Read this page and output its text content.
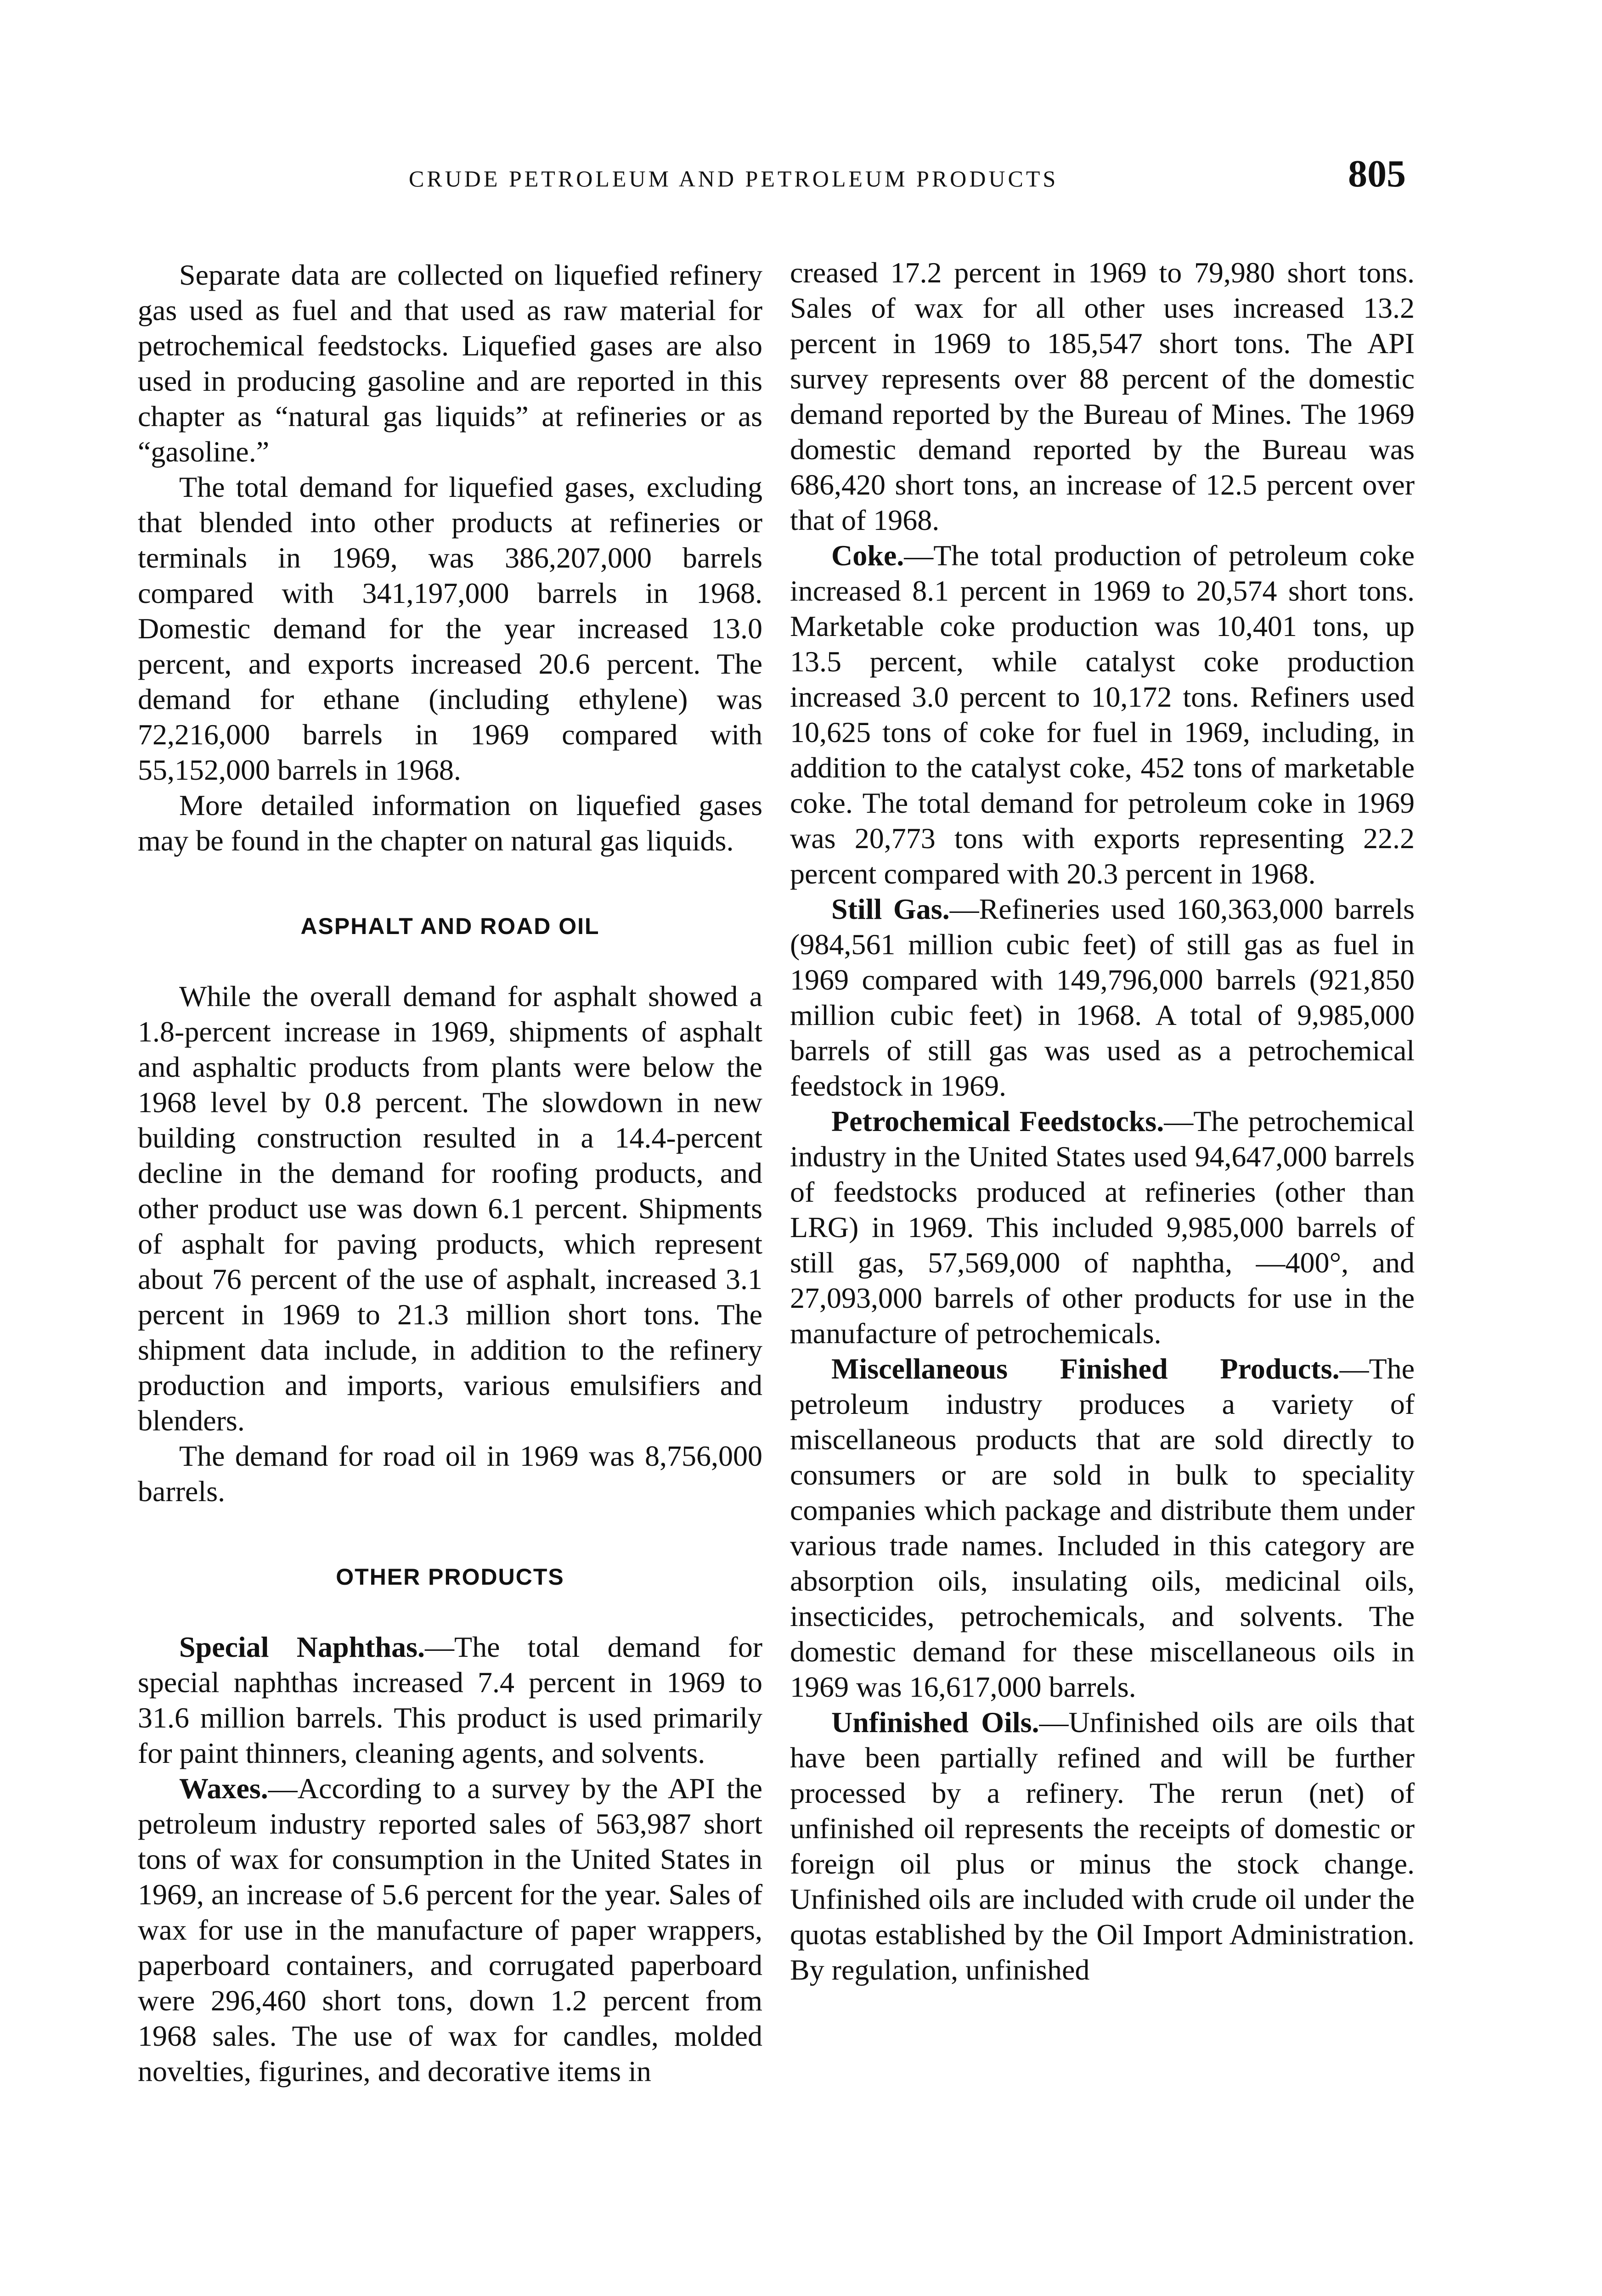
CRUDE PETROLEUM AND PETROLEUM PRODUCTS	805

Separate data are collected on liquefied refinery gas used as fuel and that used as raw material for petrochemical feedstocks. Liquefied gases are also used in producing gasoline and are reported in this chapter as “natural gas liquids” at refineries or as “gasoline.”

The total demand for liquefied gases, excluding that blended into other products at refineries or terminals in 1969, was 386,207,000 barrels compared with 341,197,000 barrels in 1968. Domestic demand for the year increased 13.0 percent, and exports increased 20.6 percent. The demand for ethane (including ethylene) was 72,216,000 barrels in 1969 compared with 55,152,000 barrels in 1968.

More detailed information on liquefied gases may be found in the chapter on natural gas liquids.

ASPHALT AND ROAD OIL

While the overall demand for asphalt showed a 1.8-percent increase in 1969, shipments of asphalt and asphaltic products from plants were below the 1968 level by 0.8 percent. The slowdown in new building construction resulted in a 14.4-percent decline in the demand for roofing products, and other product use was down 6.1 percent. Shipments of asphalt for paving products, which represent about 76 percent of the use of asphalt, increased 3.1 percent in 1969 to 21.3 million short tons. The shipment data include, in addition to the refinery production and imports, various emulsifiers and blenders.

The demand for road oil in 1969 was 8,756,000 barrels.

OTHER PRODUCTS

Special Naphthas.—The total demand for special naphthas increased 7.4 percent in 1969 to 31.6 million barrels. This product is used primarily for paint thinners, cleaning agents, and solvents.

Waxes.—According to a survey by the API the petroleum industry reported sales of 563,987 short tons of wax for consumption in the United States in 1969, an increase of 5.6 percent for the year. Sales of wax for use in the manufacture of paper wrappers, paperboard containers, and corrugated paperboard were 296,460 short tons, down 1.2 percent from 1968 sales. The use of wax for candles, molded novelties, figurines, and decorative items in

creased 17.2 percent in 1969 to 79,980 short tons. Sales of wax for all other uses increased 13.2 percent in 1969 to 185,547 short tons. The API survey represents over 88 percent of the domestic demand reported by the Bureau of Mines. The 1969 domestic demand reported by the Bureau was 686,420 short tons, an increase of 12.5 percent over that of 1968.

Coke.—The total production of petroleum coke increased 8.1 percent in 1969 to 20,574 short tons. Marketable coke production was 10,401 tons, up 13.5 percent, while catalyst coke production increased 3.0 percent to 10,172 tons. Refiners used 10,625 tons of coke for fuel in 1969, including, in addition to the catalyst coke, 452 tons of marketable coke. The total demand for petroleum coke in 1969 was 20,773 tons with exports representing 22.2 percent compared with 20.3 percent in 1968.

Still Gas.—Refineries used 160,363,000 barrels (984,561 million cubic feet) of still gas as fuel in 1969 compared with 149,796,000 barrels (921,850 million cubic feet) in 1968. A total of 9,985,000 barrels of still gas was used as a petrochemical feedstock in 1969.

Petrochemical Feedstocks.—The petrochemical industry in the United States used 94,647,000 barrels of feedstocks produced at refineries (other than LRG) in 1969. This included 9,985,000 barrels of still gas, 57,569,000 of naphtha, —400°, and 27,093,000 barrels of other products for use in the manufacture of petrochemicals.

Miscellaneous Finished Products.—The petroleum industry produces a variety of miscellaneous products that are sold directly to consumers or are sold in bulk to speciality companies which package and distribute them under various trade names. Included in this category are absorption oils, insulating oils, medicinal oils, insecticides, petrochemicals, and solvents. The domestic demand for these miscellaneous oils in 1969 was 16,617,000 barrels.

Unfinished Oils.—Unfinished oils are oils that have been partially refined and will be further processed by a refinery. The rerun (net) of unfinished oil represents the receipts of domestic or foreign oil plus or minus the stock change. Unfinished oils are included with crude oil under the quotas established by the Oil Import Administration. By regulation, unfinished
